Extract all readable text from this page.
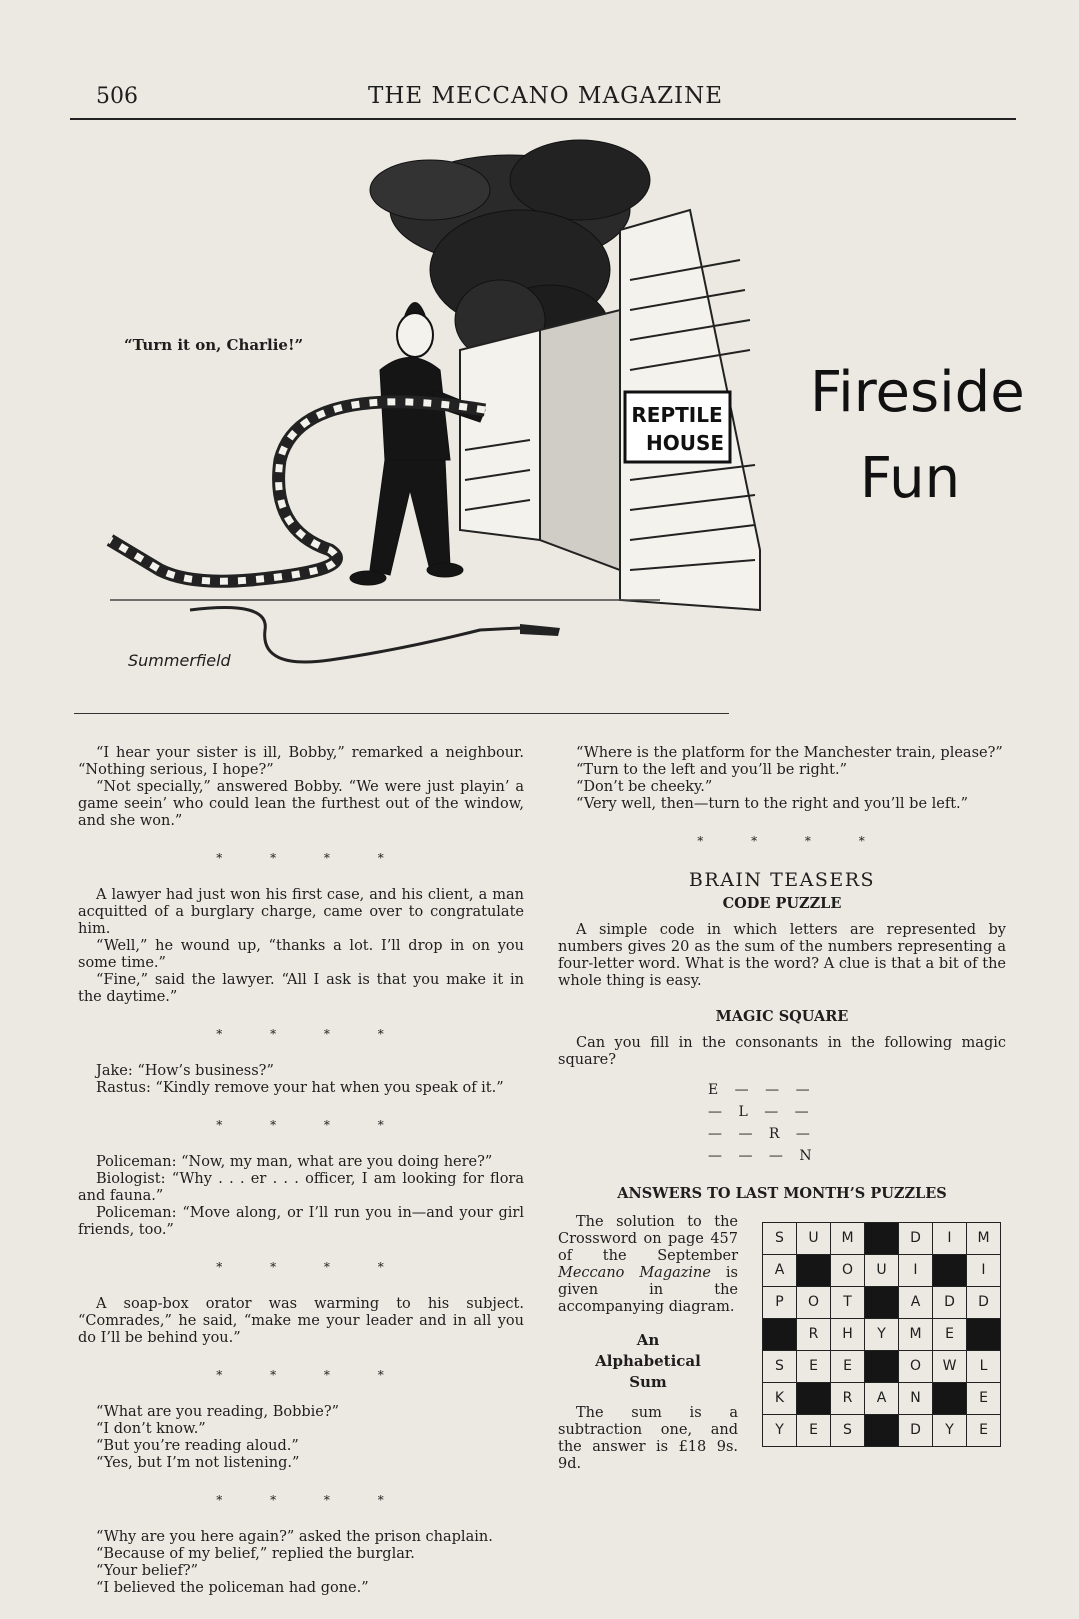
506	THE MECCANO MAGAZINE
REPTILE
HOUSE
“Turn it on, Charlie!”
Summerfield
Fireside
Fun

“I hear your sister is ill, Bobby,” remarked a neighbour. “Nothing serious, I hope?”

“Not specially,” answered Bobby. “We were just playin’ a game seein’ who could lean the furthest out of the window, and she won.”

* * * *

A lawyer had just won his first case, and his client, a man acquitted of a burglary charge, came over to congratulate him.

“Well,” he wound up, “thanks a lot. I’ll drop in on you some time.”

“Fine,” said the lawyer. “All I ask is that you make it in the daytime.”

* * * *

Jake: “How’s business?”

Rastus: “Kindly remove your hat when you speak of it.”

* * * *

Policeman: “Now, my man, what are you doing here?”

Biologist: “Why . . . er . . . officer, I am looking for flora and fauna.”

Policeman: “Move along, or I’ll run you in—and your girl friends, too.”

* * * *

A soap-box orator was warming to his subject. “Comrades,” he said, “make me your leader and in all you do I’ll be behind you.”

* * * *

“What are you reading, Bobbie?”

“I don’t know.”

“But you’re reading aloud.”

“Yes, but I’m not listening.”

* * * *

“Why are you here again?” asked the prison chaplain.

“Because of my belief,” replied the burglar.

“Your belief?”

“I believed the policeman had gone.”

“Where is the platform for the Manchester train, please?”

“Turn to the left and you’ll be right.”

“Don’t be cheeky.”

“Very well, then—turn to the right and you’ll be left.”

* * * *
BRAIN TEASERS
CODE PUZZLE

A simple code in which letters are represented by numbers gives 20 as the sum of the numbers representing a four-letter word. What is the word? A clue is that a bit of the whole thing is easy.

MAGIC SQUARE

Can you fill in the consonants in the following magic square?

E — — —
— L — —
— — R —
— — — N
ANSWERS TO LAST MONTH’S PUZZLES

The solution to the Crossword on page 457 of the September Meccano Magazine is given in the accompanying diagram.

An
Alphabetical
Sum

The sum is a subtraction one, and the answer is £18 9s. 9d.

S	U	M		D	I	M
A		O	U	I		I
P	O	T		A	D	D
	R	H	Y	M	E	
S	E	E		O	W	L
K		R	A	N		E
Y	E	S		D	Y	E
